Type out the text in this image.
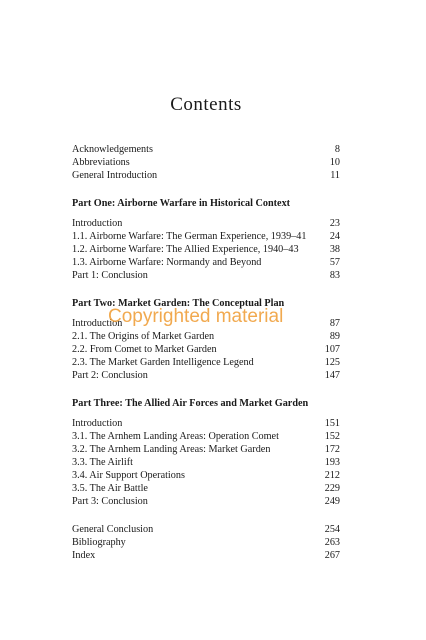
Contents
Acknowledgements	8
Abbreviations	10
General Introduction	11
Part One: Airborne Warfare in Historical Context
Introduction	23
1.1. Airborne Warfare: The German Experience, 1939–41	24
1.2. Airborne Warfare: The Allied Experience, 1940–43	38
1.3. Airborne Warfare: Normandy and Beyond	57
Part 1: Conclusion	83
Part Two: Market Garden: The Conceptual Plan
Introduction	87
2.1. The Origins of Market Garden	89
2.2. From Comet to Market Garden	107
2.3. The Market Garden Intelligence Legend	125
Part 2: Conclusion	147
Part Three: The Allied Air Forces and Market Garden
Introduction	151
3.1. The Arnhem Landing Areas: Operation Comet	152
3.2. The Arnhem Landing Areas: Market Garden	172
3.3. The Airlift	193
3.4. Air Support Operations	212
3.5. The Air Battle	229
Part 3: Conclusion	249
General Conclusion	254
Bibliography	263
Index	267
Copyrighted material
